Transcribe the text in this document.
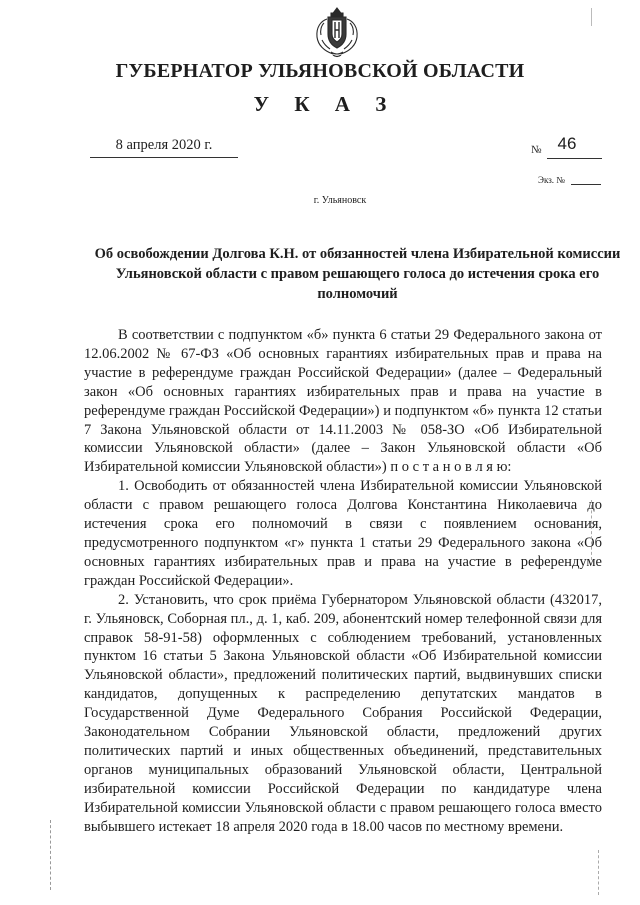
ГУБЕРНАТОР УЛЬЯНОВСКОЙ ОБЛАСТИ
У К А З
8 апреля 2020 г.	№ 46
Экз. №
г. Ульяновск
Об освобождении Долгова К.Н. от обязанностей члена Избирательной комиссии Ульяновской области с правом решающего голоса до истечения срока его полномочий

В соответствии с подпунктом «б» пункта 6 статьи 29 Федерального закона от 12.06.2002 № 67-ФЗ «Об основных гарантиях избирательных прав и права на участие в референдуме граждан Российской Федерации» (далее – Федеральный закон «Об основных гарантиях избирательных прав и права на участие в референдуме граждан Российской Федерации») и подпунктом «б» пункта 12 статьи 7 Закона Ульяновской области от 14.11.2003 № 058-ЗО «Об Избирательной комиссии Ульяновской области» (далее – Закон Ульяновской области «Об Избирательной комиссии Ульяновской области») п о с т а н о в л я ю:

1. Освободить от обязанностей члена Избирательной комиссии Ульяновской области с правом решающего голоса Долгова Константина Николаевича до истечения срока его полномочий в связи с появлением основания, предусмотренного подпунктом «г» пункта 1 статьи 29 Федерального закона «Об основных гарантиях избирательных прав и права на участие в референдуме граждан Российской Федерации».

2. Установить, что срок приёма Губернатором Ульяновской области (432017, г. Ульяновск, Соборная пл., д. 1, каб. 209, абонентский номер телефонной связи для справок 58-91-58) оформленных с соблюдением требований, установленных пунктом 16 статьи 5 Закона Ульяновской области «Об Избирательной комиссии Ульяновской области», предложений политических партий, выдвинувших списки кандидатов, допущенных к распределению депутатских мандатов в Государственной Думе Федерального Собрания Российской Федерации, Законодательном Собрании Ульяновской области, предложений других политических партий и иных общественных объединений, представительных органов муниципальных образований Ульяновской области, Центральной избирательной комиссии Российской Федерации по кандидатуре члена Избирательной комиссии Ульяновской области с правом решающего голоса вместо выбывшего истекает 18 апреля 2020 года в 18.00 часов по местному времени.
